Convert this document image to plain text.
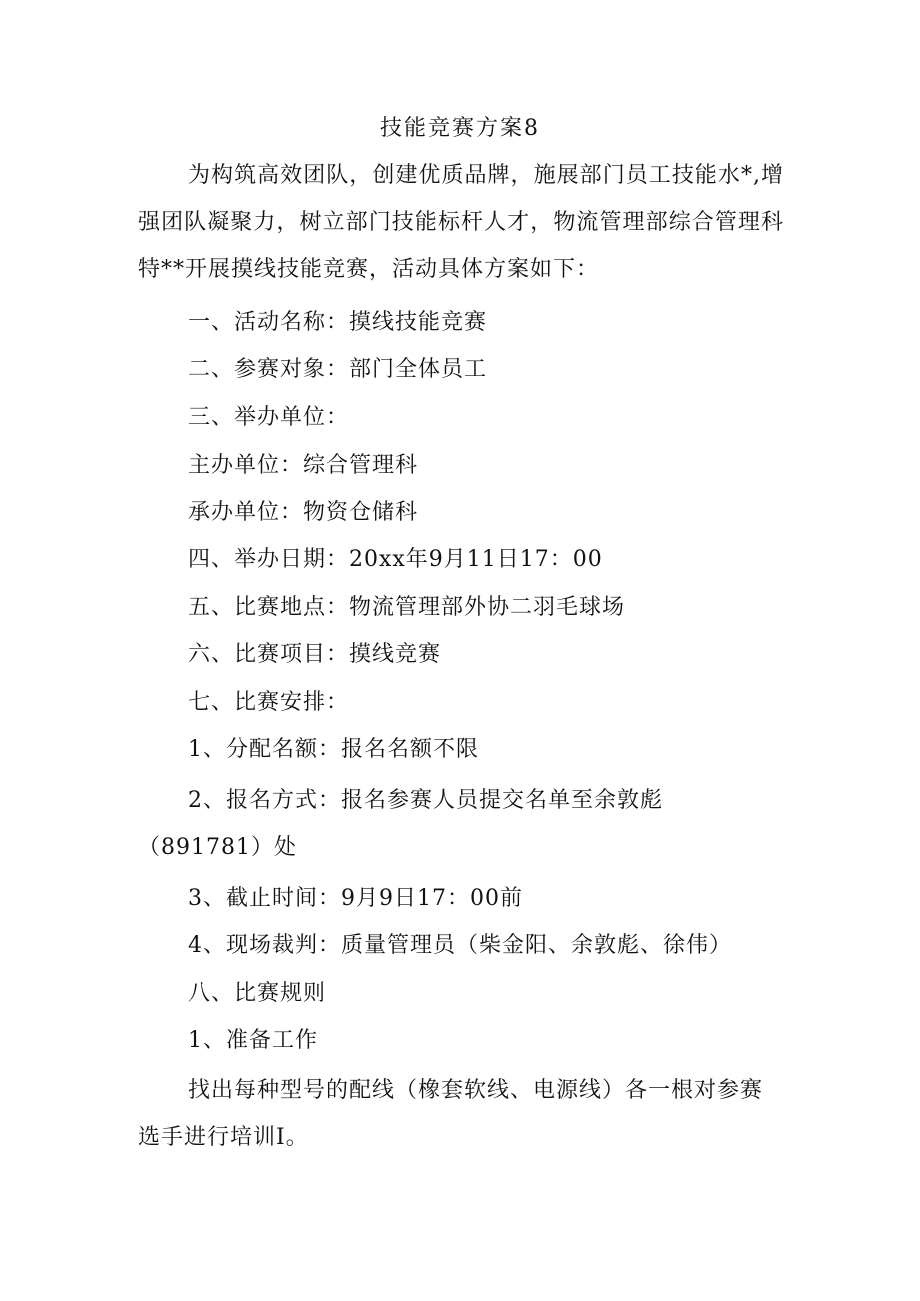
技能竞赛方案8
为构筑高效团队，创建优质品牌，施展部门员工技能水*,增强团队凝聚力，树立部门技能标杆人才，物流管理部综合管理科特**开展摸线技能竞赛，活动具体方案如下：
一、活动名称：摸线技能竞赛
二、参赛对象：部门全体员工
三、举办单位：
主办单位：综合管理科
承办单位：物资仓储科
四、举办日期：20xx年9月11日17：00
五、比赛地点：物流管理部外协二羽毛球场
六、比赛项目：摸线竞赛
七、比赛安排：
1、分配名额：报名名额不限
2、报名方式：报名参赛人员提交名单至余敦彪（891781）处
3、截止时间：9月9日17：00前
4、现场裁判：质量管理员（柴金阳、余敦彪、徐伟）
八、比赛规则
1、准备工作
找出每种型号的配线（橡套软线、电源线）各一根对参赛选手进行培训I。
